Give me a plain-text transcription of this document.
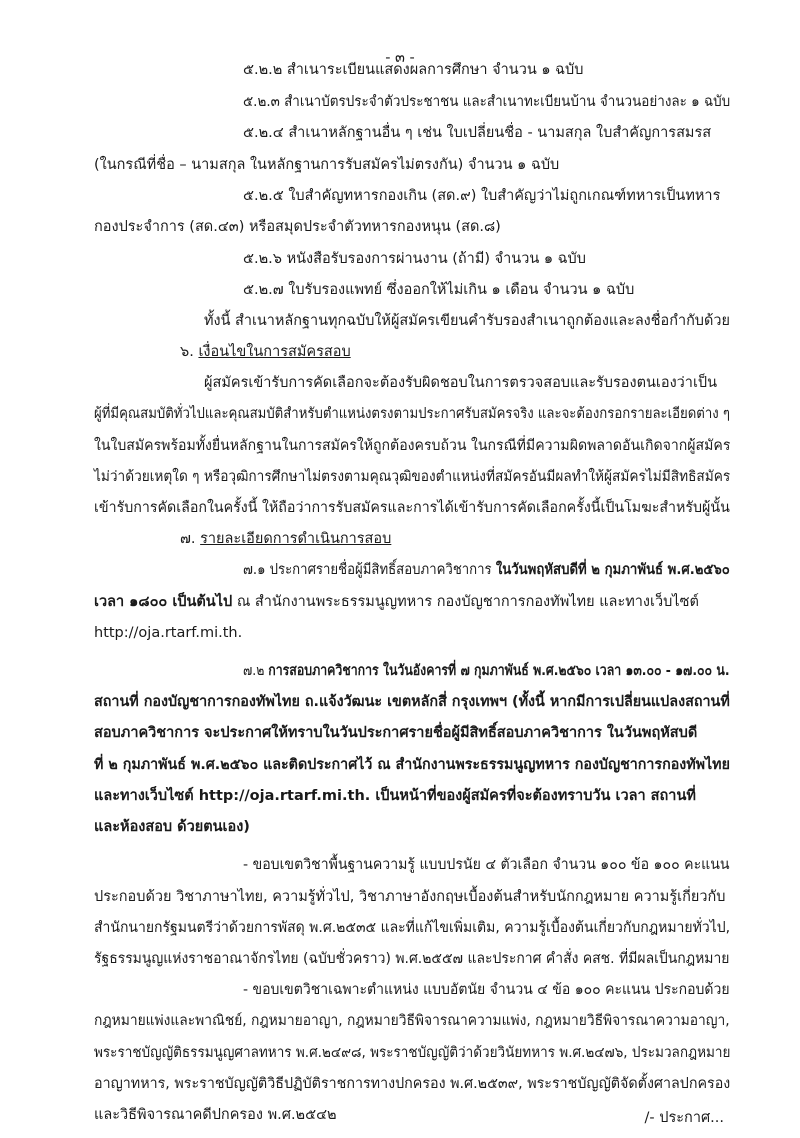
- ๓ -
๕.๒.๒ สำเนาระเบียนแสดงผลการศึกษา จำนวน ๑ ฉบับ
๕.๒.๓ สำเนาบัตรประจำตัวประชาชน และสำเนาทะเบียนบ้าน จำนวนอย่างละ ๑ ฉบับ
๕.๒.๔ สำเนาหลักฐานอื่น ๆ เช่น ใบเปลี่ยนชื่อ - นามสกุล ใบสำคัญการสมรส
(ในกรณีที่ชื่อ – นามสกุล ในหลักฐานการรับสมัครไม่ตรงกัน) จำนวน ๑ ฉบับ
๕.๒.๕ ใบสำคัญทหารกองเกิน (สด.๙) ใบสำคัญว่าไม่ถูกเกณฑ์ทหารเป็นทหาร
กองประจำการ (สด.๔๓) หรือสมุดประจำตัวทหารกองหนุน (สด.๘)
๕.๒.๖ หนังสือรับรองการผ่านงาน (ถ้ามี) จำนวน ๑ ฉบับ
๕.๒.๗ ใบรับรองแพทย์ ซึ่งออกให้ไม่เกิน ๑ เดือน จำนวน ๑ ฉบับ
ทั้งนี้ สำเนาหลักฐานทุกฉบับให้ผู้สมัครเขียนคำรับรองสำเนาถูกต้องและลงชื่อกำกับด้วย
๖. เงื่อนไขในการสมัครสอบ
ผู้สมัครเข้ารับการคัดเลือกจะต้องรับผิดชอบในการตรวจสอบและรับรองตนเองว่าเป็น
ผู้ที่มีคุณสมบัติทั่วไปและคุณสมบัติสำหรับตำแหน่งตรงตามประกาศรับสมัครจริง และจะต้องกรอกรายละเอียดต่าง ๆ
ในใบสมัครพร้อมทั้งยื่นหลักฐานในการสมัครให้ถูกต้องครบถ้วน ในกรณีที่มีความผิดพลาดอันเกิดจากผู้สมัคร
ไม่ว่าด้วยเหตุใด ๆ หรือวุฒิการศึกษาไม่ตรงตามคุณวุฒิของตำแหน่งที่สมัครอันมีผลทำให้ผู้สมัครไม่มีสิทธิสมัคร
เข้ารับการคัดเลือกในครั้งนี้ ให้ถือว่าการรับสมัครและการได้เข้ารับการคัดเลือกครั้งนี้เป็นโมฆะสำหรับผู้นั้น
๗. รายละเอียดการดำเนินการสอบ
๗.๑ ประกาศรายชื่อผู้มีสิทธิ์สอบภาควิชาการ ในวันพฤหัสบดีที่ ๒ กุมภาพันธ์ พ.ศ.๒๕๖๐
เวลา ๑๘๐๐ เป็นต้นไป ณ สำนักงานพระธรรมนูญทหาร กองบัญชาการกองทัพไทย และทางเว็บไซต์
http://oja.rtarf.mi.th.
๗.๒ การสอบภาควิชาการ ในวันอังคารที่ ๗ กุมภาพันธ์ พ.ศ.๒๕๖๐ เวลา ๑๓.๐๐ - ๑๗.๐๐ น.
สถานที่ กองบัญชาการกองทัพไทย ถ.แจ้งวัฒนะ เขตหลักสี่ กรุงเทพฯ (ทั้งนี้ หากมีการเปลี่ยนแปลงสถานที่
สอบภาควิชาการ จะประกาศให้ทราบในวันประกาศรายชื่อผู้มีสิทธิ์สอบภาควิชาการ ในวันพฤหัสบดี
ที่ ๒ กุมภาพันธ์ พ.ศ.๒๕๖๐ และติดประกาศไว้ ณ สำนักงานพระธรรมนูญทหาร กองบัญชาการกองทัพไทย
และทางเว็บไซต์ http://oja.rtarf.mi.th. เป็นหน้าที่ของผู้สมัครที่จะต้องทราบวัน เวลา สถานที่
และห้องสอบ ด้วยตนเอง)
- ขอบเขตวิชาพื้นฐานความรู้ แบบปรนัย ๔ ตัวเลือก จำนวน ๑๐๐ ข้อ ๑๐๐ คะแนน
ประกอบด้วย วิชาภาษาไทย, ความรู้ทั่วไป, วิชาภาษาอังกฤษเบื้องต้นสำหรับนักกฎหมาย ความรู้เกี่ยวกับ
สำนักนายกรัฐมนตรีว่าด้วยการพัสดุ พ.ศ.๒๕๓๕ และที่แก้ไขเพิ่มเติม, ความรู้เบื้องต้นเกี่ยวกับกฎหมายทั่วไป,
รัฐธรรมนูญแห่งราชอาณาจักรไทย (ฉบับชั่วคราว) พ.ศ.๒๕๕๗ และประกาศ คำสั่ง คสช. ที่มีผลเป็นกฎหมาย
- ขอบเขตวิชาเฉพาะตำแหน่ง แบบอัตนัย จำนวน ๔ ข้อ ๑๐๐ คะแนน ประกอบด้วย
กฎหมายแพ่งและพาณิชย์, กฎหมายอาญา, กฎหมายวิธีพิจารณาความแพ่ง, กฎหมายวิธีพิจารณาความอาญา,
พระราชบัญญัติธรรมนูญศาลทหาร พ.ศ.๒๔๙๘, พระราชบัญญัติว่าด้วยวินัยทหาร พ.ศ.๒๔๗๖, ประมวลกฎหมาย
อาญาทหาร, พระราชบัญญัติวิธีปฏิบัติราชการทางปกครอง พ.ศ.๒๕๓๙, พระราชบัญญัติจัดตั้งศาลปกครอง
และวิธีพิจารณาคดีปกครอง พ.ศ.๒๕๔๒	/- ประกาศ...
